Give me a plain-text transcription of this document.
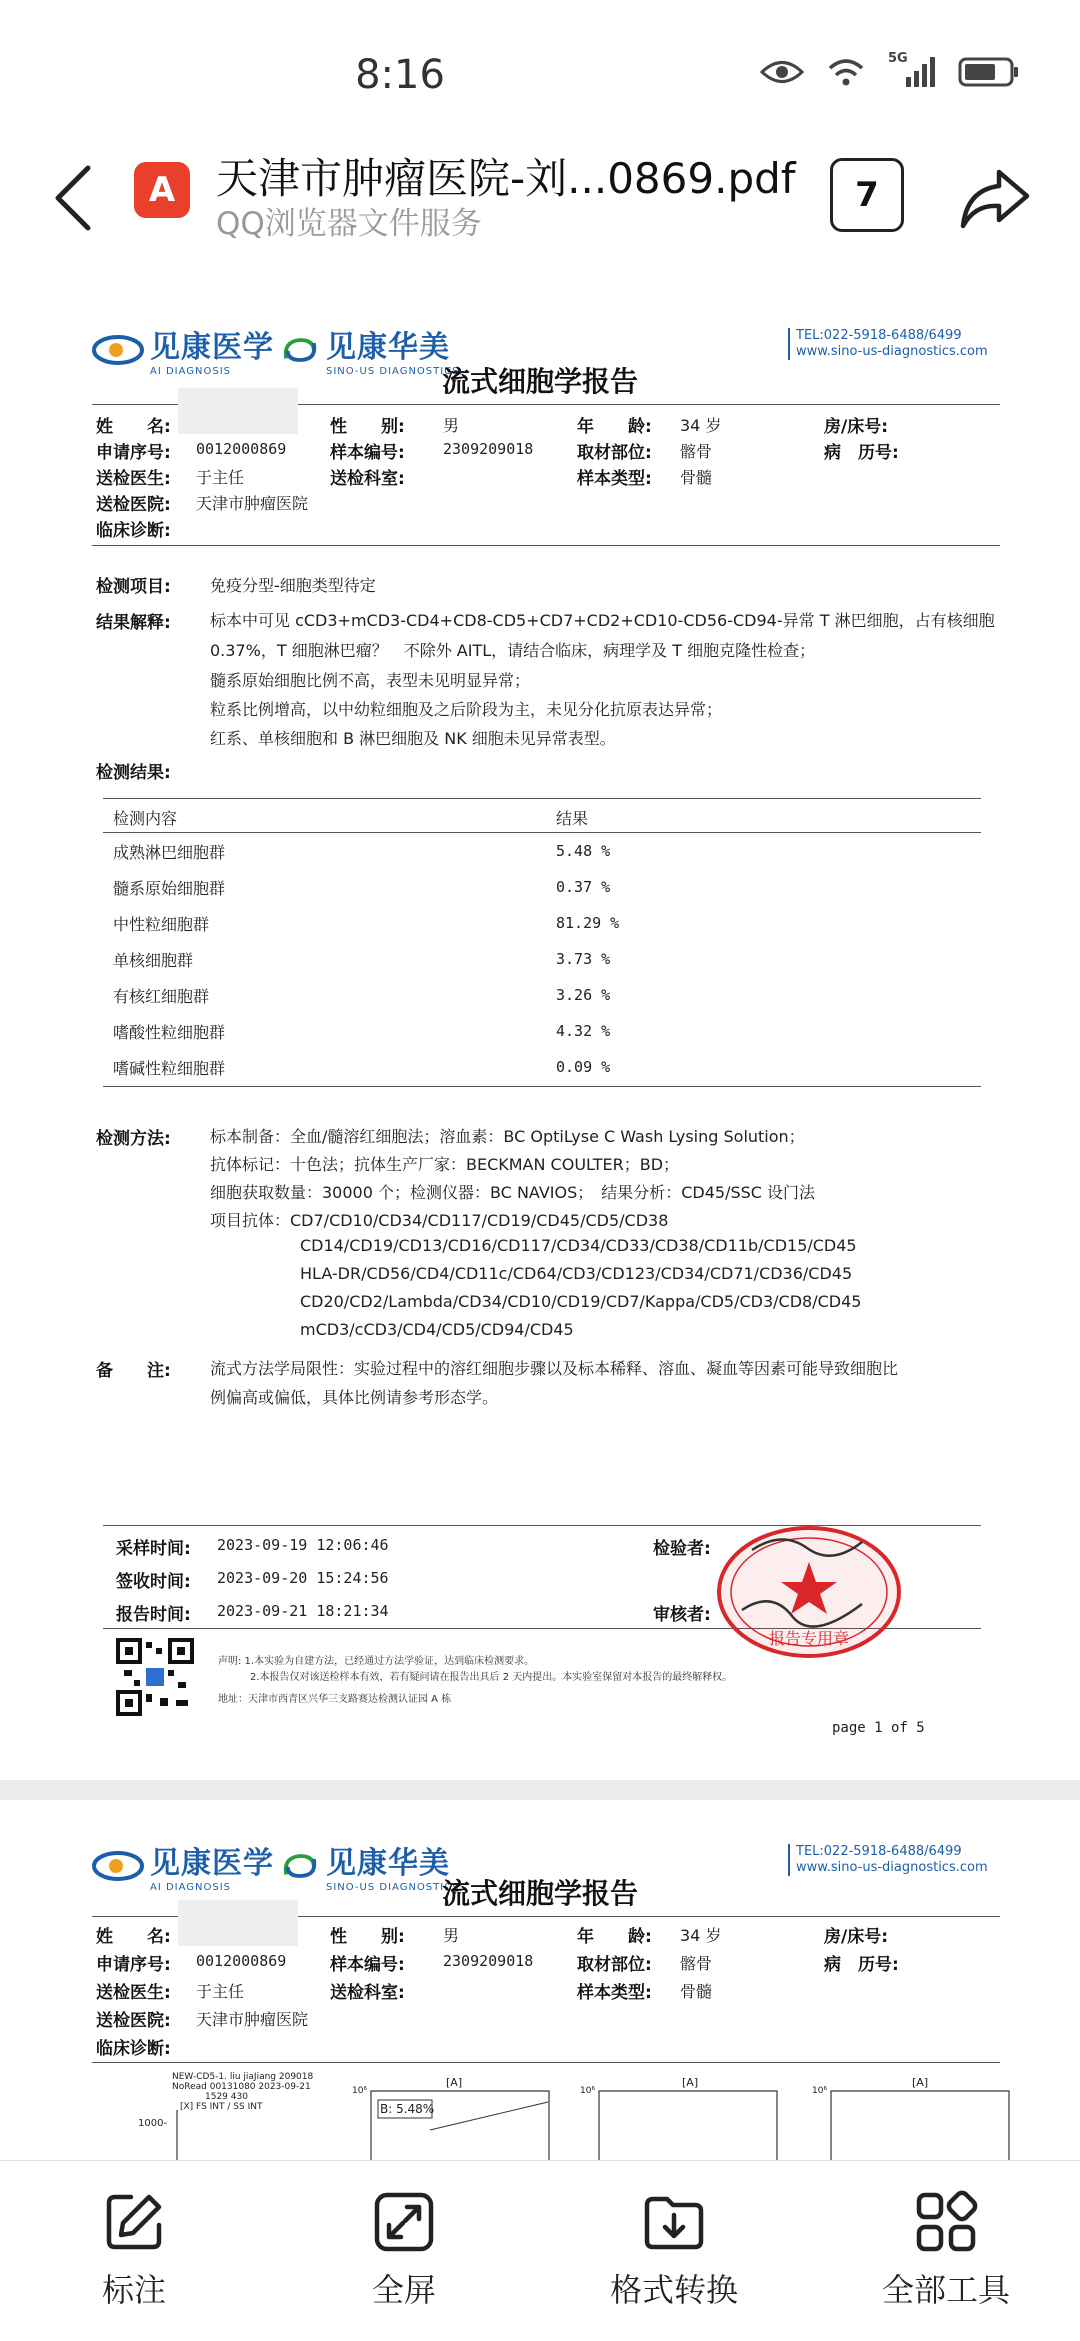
8:16	5G
A 天津市肿瘤医院-刘...0869.pdf
QQ浏览器文件服务
7
见康医学
AI DIAGNOSIS
见康华美
SINO-US DIAGNOSTICS
TEL:022-5918-6488/6499
www.sino-us-diagnostics.com
流式细胞学报告
姓　　名:	性　　别: 男	年　　龄: 34 岁	房/床号:
申请序号: 0012000869	样本编号:	2309209018	取材部位: 髂骨	病　历号:
送检医生: 于主任	送检科室:	样本类型: 骨髓
送检医院: 天津市肿瘤医院
临床诊断:
检测项目: 免疫分型-细胞类型待定
结果解释: 标本中可见 cCD3+mCD3-CD4+CD8-CD5+CD7+CD2+CD10-CD56-CD94-异常 T 淋巴细胞，占有核细胞
0.37%，T 细胞淋巴瘤？　不除外 AITL，请结合临床，病理学及 T 细胞克隆性检查；
髓系原始细胞比例不高，表型未见明显异常；
粒系比例增高，以中幼粒细胞及之后阶段为主，未见分化抗原表达异常；
红系、单核细胞和 B 淋巴细胞及 NK 细胞未见异常表型。
检测结果:
检测内容	结果
成熟淋巴细胞群	5.48 %
髓系原始细胞群	0.37 %
中性粒细胞群	81.29 %
单核细胞群	3.73 %
有核红细胞群	3.26 %
嗜酸性粒细胞群	4.32 %
嗜碱性粒细胞群	0.09 %
检测方法: 标本制备：全血/髓溶红细胞法；溶血素：BC OptiLyse C Wash Lysing Solution；
抗体标记：十色法；抗体生产厂家：BECKMAN COULTER；BD；
细胞获取数量：30000 个；检测仪器：BC NAVIOS；　结果分析：CD45/SSC 设门法
项目抗体：CD7/CD10/CD34/CD117/CD19/CD45/CD5/CD38
CD14/CD19/CD13/CD16/CD117/CD34/CD33/CD38/CD11b/CD15/CD45
HLA-DR/CD56/CD4/CD11c/CD64/CD3/CD123/CD34/CD71/CD36/CD45
CD20/CD2/Lambda/CD34/CD10/CD19/CD7/Kappa/CD5/CD3/CD8/CD45
mCD3/cCD3/CD4/CD5/CD94/CD45
备　　注: 流式方法学局限性：实验过程中的溶红细胞步骤以及标本稀释、溶血、凝血等因素可能导致细胞比
例偏高或偏低，具体比例请参考形态学。
采样时间: 2023-09-19 12:06:46
签收时间: 2023-09-20 15:24:56
报告时间: 2023-09-21 18:21:34
检验者:
审核者:
报告专用章
声明: 1.本实验为自建方法，已经通过方法学验证，达到临床检测要求。
2.本报告仅对该送检样本有效，若有疑问请在报告出具后 2 天内提出。本实验室保留对本报告的最终解释权。
地址：天津市西青区兴华三支路赛达检测认证园 A 栋
page 1 of 5
见康医学
AI DIAGNOSIS
见康华美
SINO-US DIAGNOSTICS
TEL:022-5918-6488/6499
www.sino-us-diagnostics.com
流式细胞学报告
姓　　名:	性　　别: 男	年　　龄: 34 岁	房/床号:
申请序号: 0012000869	样本编号:	2309209018	取材部位: 髂骨	病　历号:
送检医生: 于主任	送检科室:	样本类型: 骨髓
送检医院: 天津市肿瘤医院
临床诊断:
NEW-CD5-1. liu jiaJiang 209018
NoRead 00131080 2023-09-21
1529 430
[X] FS INT / SS INT
1000-
[A]
10⁶
B: 5.48%
[A]
10⁶
[A]
10⁶
标注	全屏	格式转换	全部工具
